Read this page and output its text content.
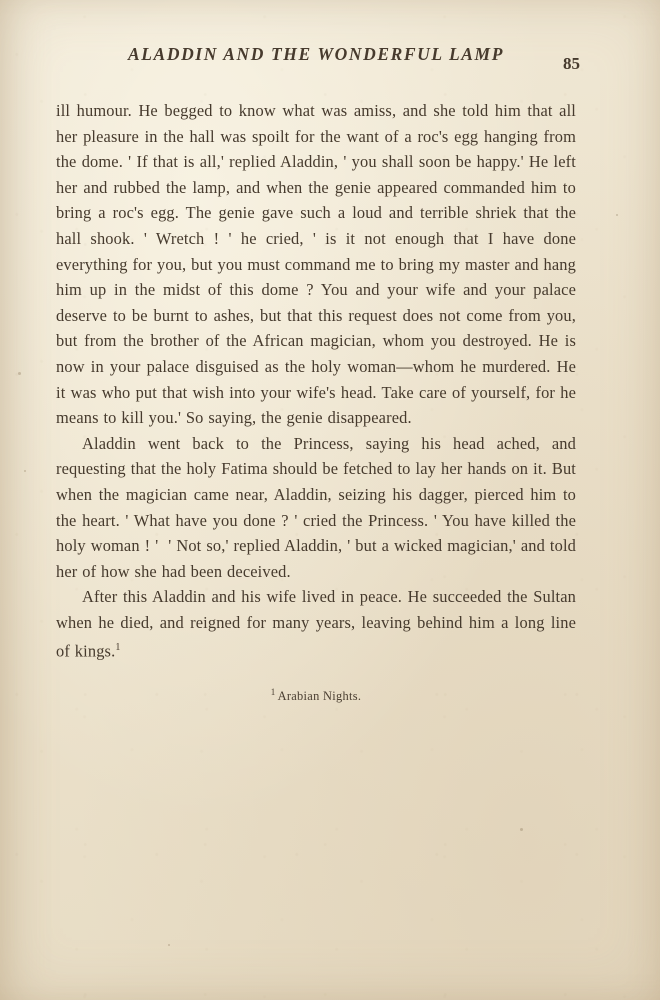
ALADDIN AND THE WONDERFUL LAMP	85

ill humour. He begged to know what was amiss, and she told him that all her pleasure in the hall was spoilt for the want of a roc's egg hanging from the dome. ' If that is all,' replied Aladdin, ' you shall soon be happy.' He left her and rubbed the lamp, and when the genie appeared commanded him to bring a roc's egg. The genie gave such a loud and terrible shriek that the hall shook. ' Wretch ! ' he cried, ' is it not enough that I have done everything for you, but you must command me to bring my master and hang him up in the midst of this dome ? You and your wife and your palace deserve to be burnt to ashes, but that this request does not come from you, but from the brother of the African magician, whom you destroyed. He is now in your palace disguised as the holy woman—whom he murdered. He it was who put that wish into your wife's head. Take care of yourself, for he means to kill you.' So saying, the genie disappeared.

Aladdin went back to the Princess, saying his head ached, and requesting that the holy Fatima should be fetched to lay her hands on it. But when the magician came near, Aladdin, seizing his dagger, pierced him to the heart. ' What have you done ? ' cried the Princess. ' You have killed the holy woman ! '  ' Not so,' replied Aladdin, ' but a wicked magician,' and told her of how she had been deceived.

After this Aladdin and his wife lived in peace. He succeeded the Sultan when he died, and reigned for many years, leaving behind him a long line of kings.$^1$

$^1$ Arabian Nights.
